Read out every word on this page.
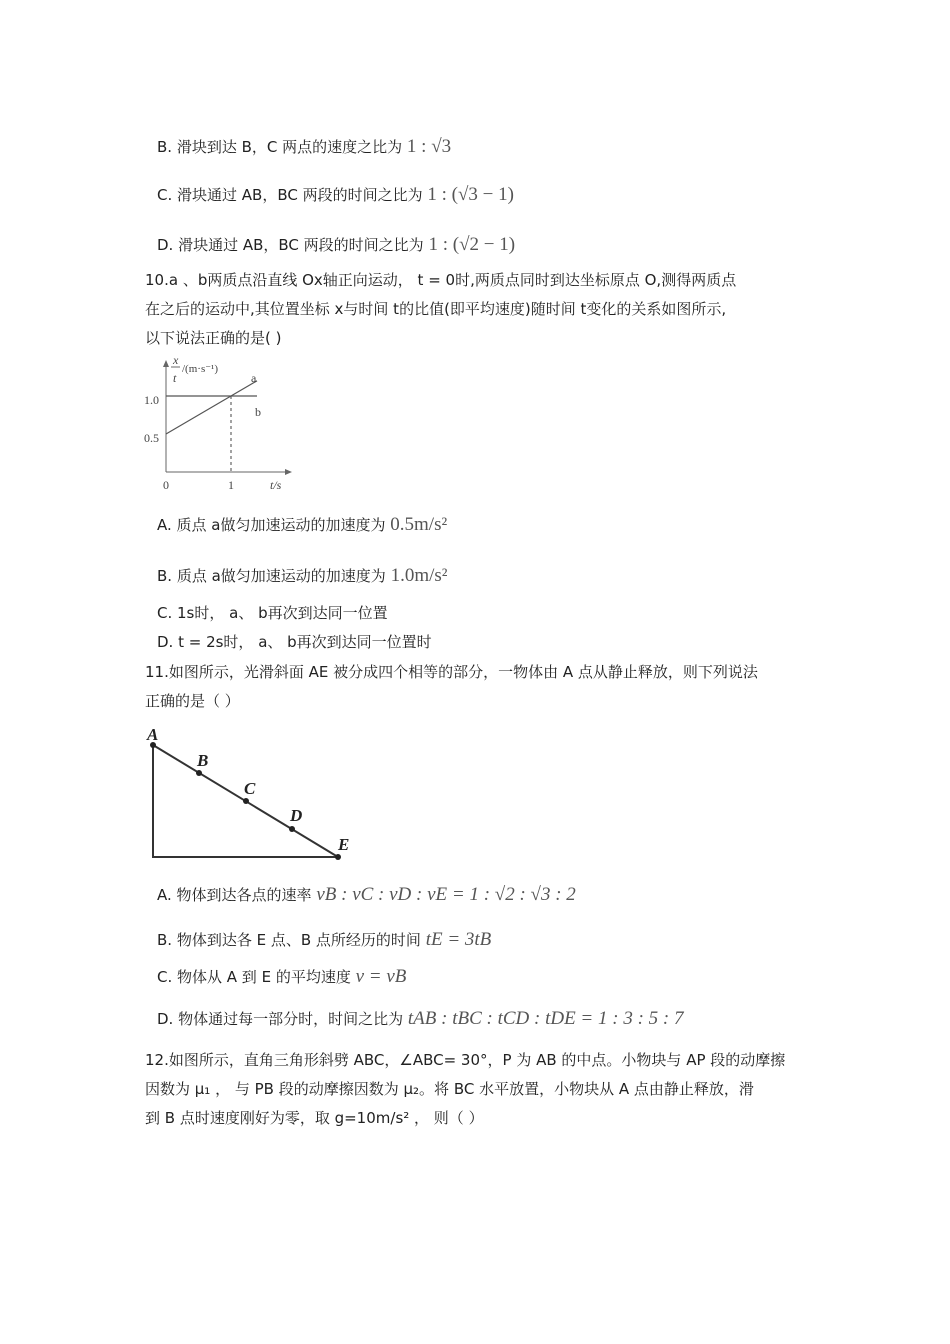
B. 滑块到达 B，C 两点的速度之比为 1 : √3
C. 滑块通过 AB，BC 两段的时间之比为 1 : (√3 − 1)
D. 滑块通过 AB，BC 两段的时间之比为 1 : (√2 − 1)
10.a 、b两质点沿直线 Ox轴正向运动， t = 0时,两质点同时到达坐标原点 O,测得两质点
在之后的运动中,其位置坐标 x与时间 t的比值(即平均速度)随时间 t变化的关系如图所示,
以下说法正确的是( )
x
t
/(m·s⁻¹)
1.0
0.5
0	1	t/s
a
b
A. 质点 a做匀加速运动的加速度为 0.5m/s²
B. 质点 a做匀加速运动的加速度为 1.0m/s²
C. 1s时， a、 b再次到达同一位置
D. t = 2s时， a、 b再次到达同一位置时
11.如图所示，光滑斜面 AE 被分成四个相等的部分，一物体由 A 点从静止释放，则下列说法
正确的是（ ）
A
B
C
D
E
A. 物体到达各点的速率 vB : vC : vD : vE = 1 : √2 : √3 : 2
B. 物体到达各 E 点、B 点所经历的时间 tE = 3tB
C. 物体从 A 到 E 的平均速度 v = vB
D. 物体通过每一部分时，时间之比为 tAB : tBC : tCD : tDE = 1 : 3 : 5 : 7
12.如图所示，直角三角形斜劈 ABC，∠ABC= 30°，P 为 AB 的中点。小物块与 AP 段的动摩擦
因数为 μ₁ ， 与 PB 段的动摩擦因数为 μ₂。将 BC 水平放置，小物块从 A 点由静止释放，滑
到 B 点时速度刚好为零，取 g=10m/s² ， 则（ ）
